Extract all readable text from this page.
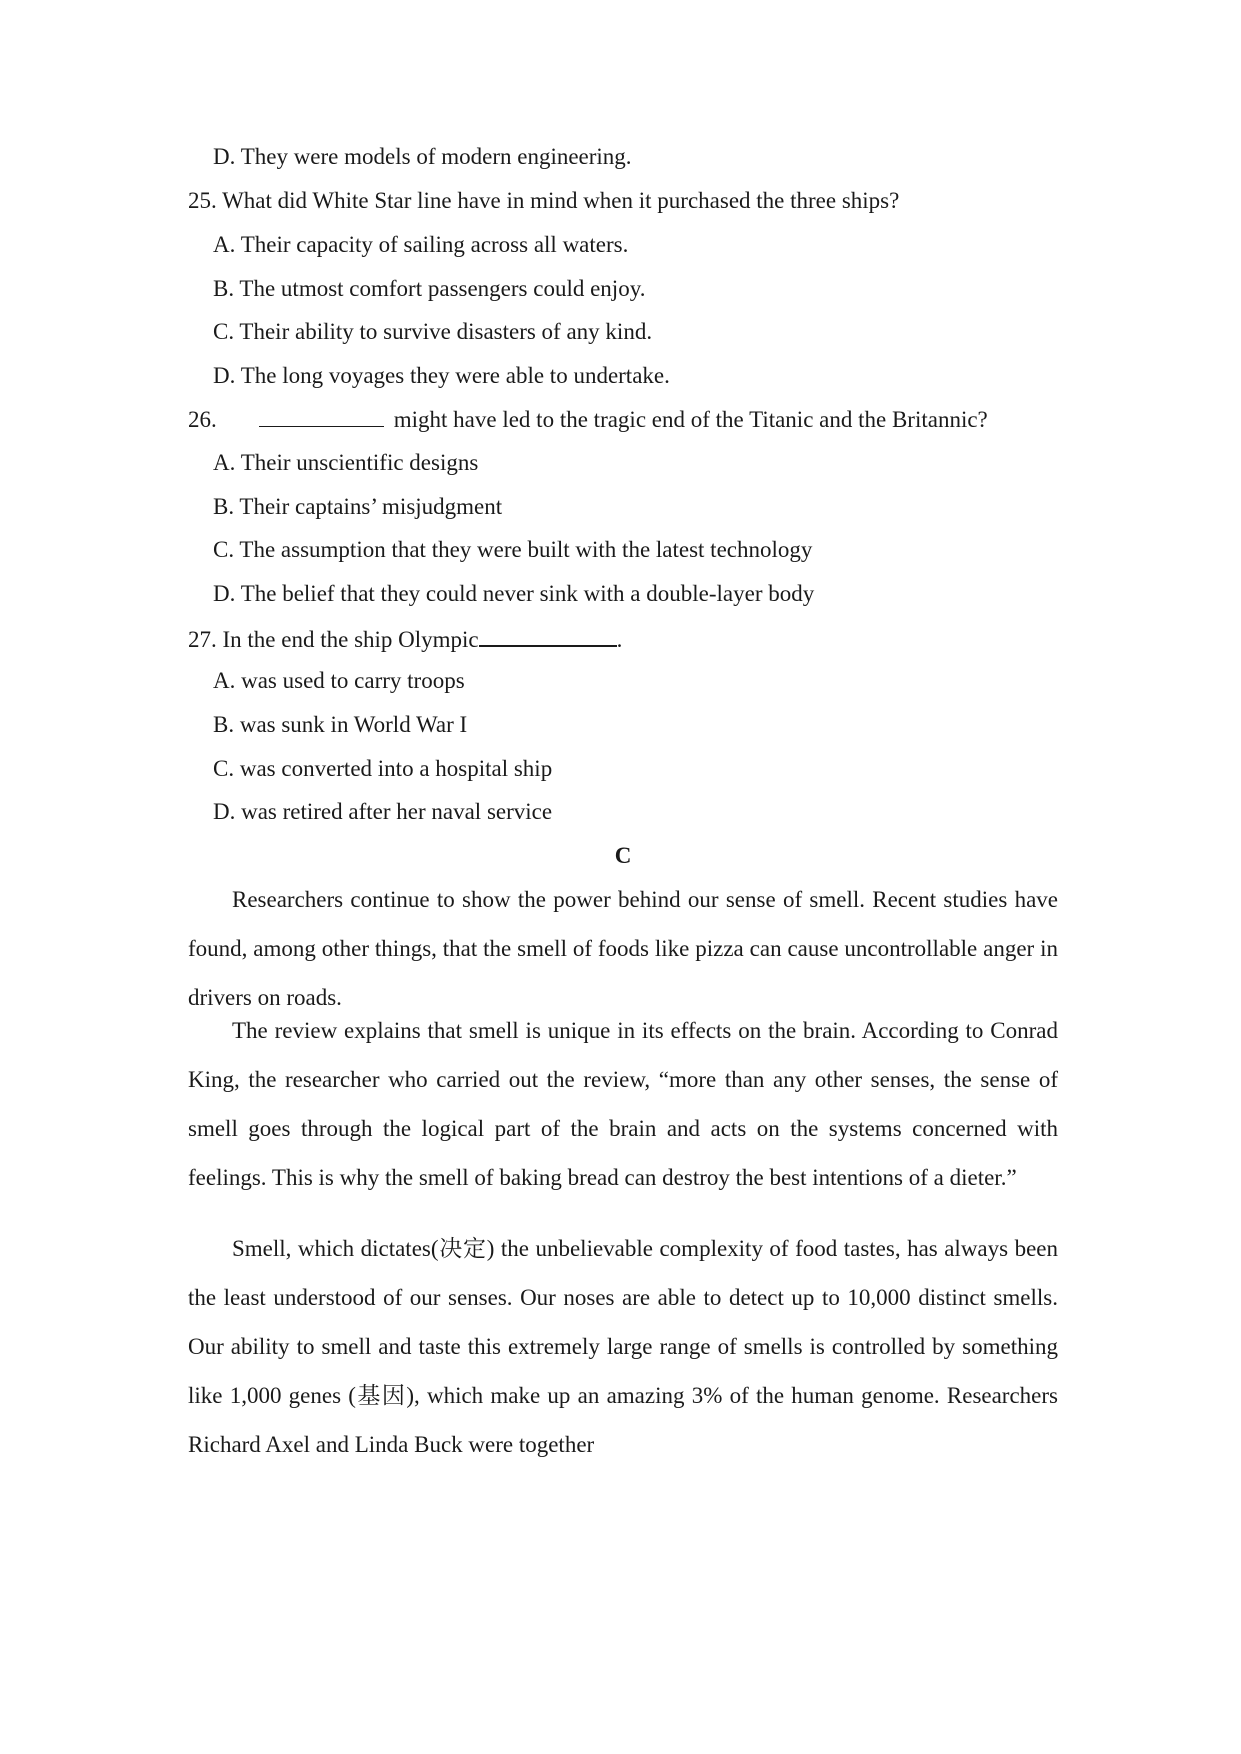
D. They were models of modern engineering.
25. What did White Star line have in mind when it purchased the three ships?
A. Their capacity of sailing across all waters.
B. The utmost comfort passengers could enjoy.
C. Their ability to survive disasters of any kind.
D. The long voyages they were able to undertake.
26.	might have led to the tragic end of the Titanic and the Britannic?
A. Their unscientific designs
B. Their captains’ misjudgment
C. The assumption that they were built with the latest technology
D. The belief that they could never sink with a double-layer body
27. In the end the ship Olympic	.
A. was used to carry troops
B. was sunk in World War I
C. was converted into a hospital ship
D. was retired after her naval service
C
Researchers continue to show the power behind our sense of smell. Recent studies have found, among other things, that the smell of foods like pizza can cause uncontrollable anger in drivers on roads.
The review explains that smell is unique in its effects on the brain. According to Conrad King, the researcher who carried out the review, “more than any other senses, the sense of smell goes through the logical part of the brain and acts on the systems concerned with feelings. This is why the smell of baking bread can destroy the best intentions of a dieter.”
Smell, which dictates(决定) the unbelievable complexity of food tastes, has always been the least understood of our senses. Our noses are able to detect up to 10,000 distinct smells. Our ability to smell and taste this extremely large range of smells is controlled by something like 1,000 genes (基因), which make up an amazing 3% of the human genome. Researchers Richard Axel and Linda Buck were together
